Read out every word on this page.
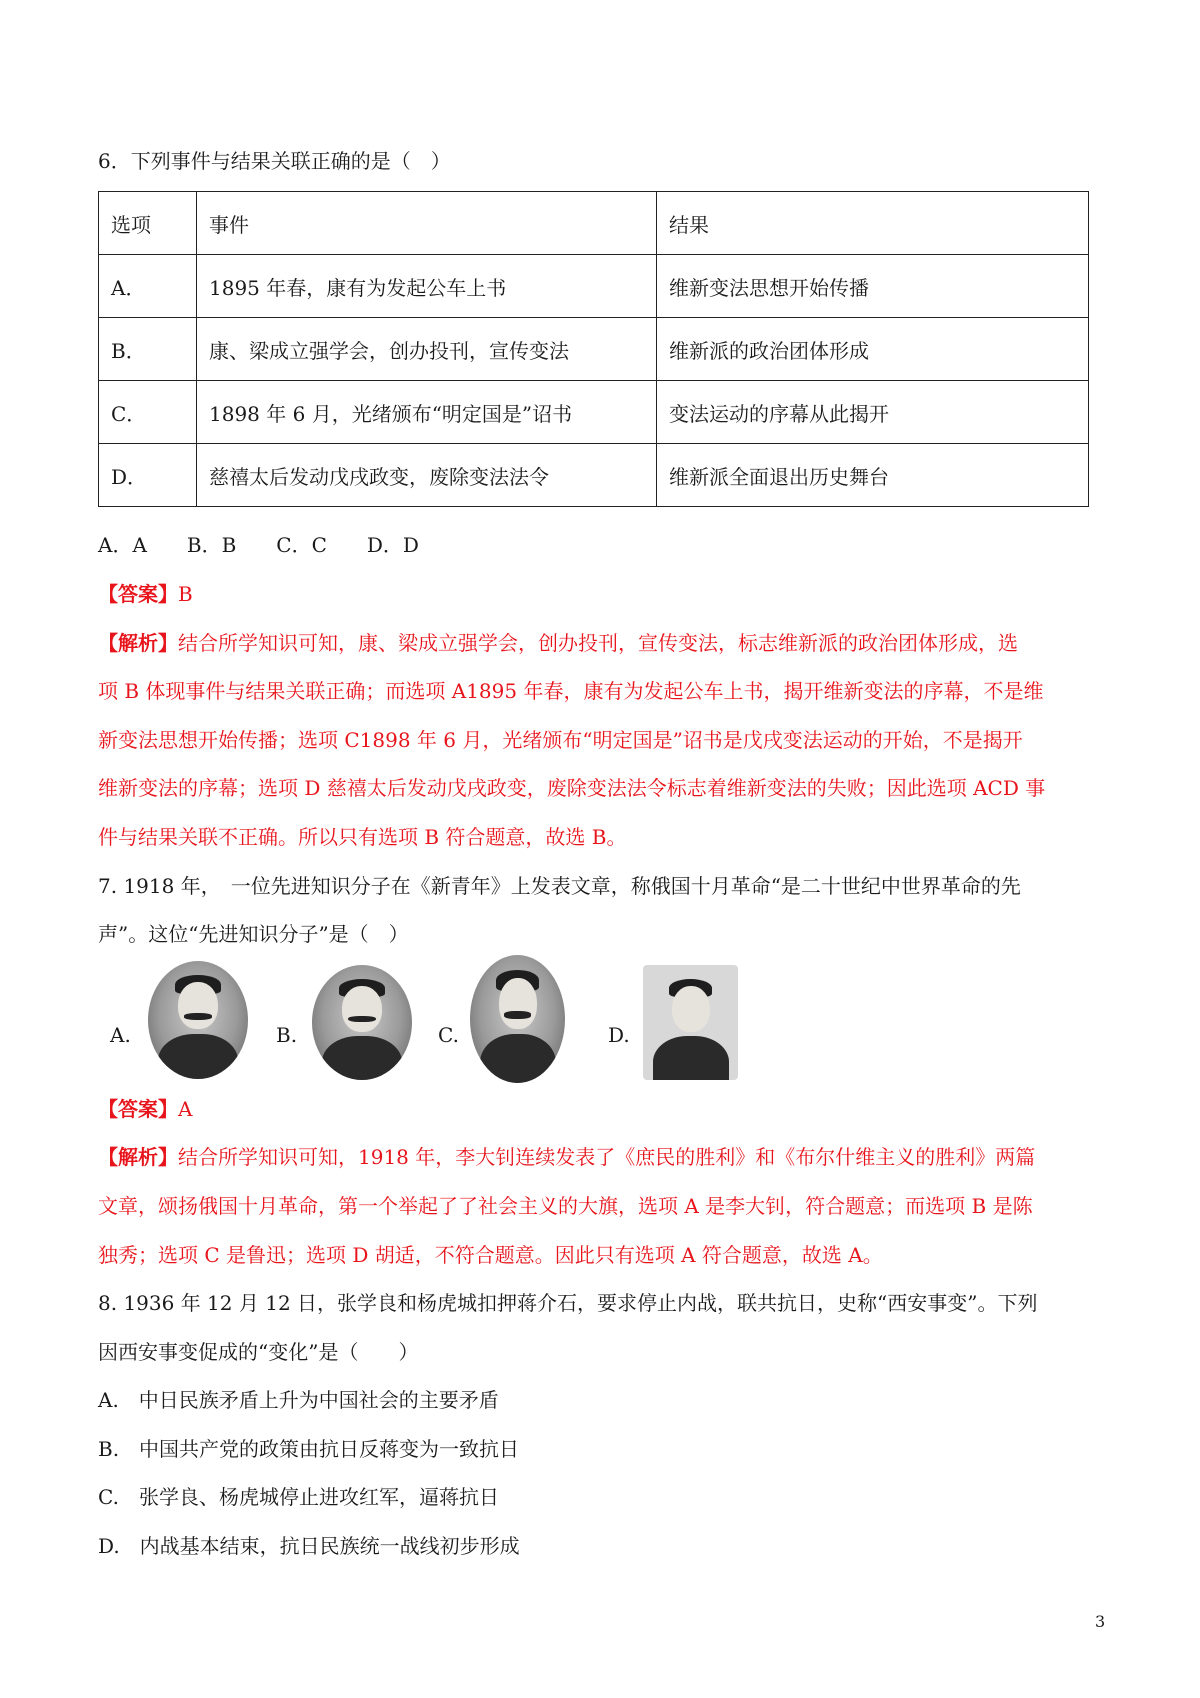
6．下列事件与结果关联正确的是（　）
选项	事件	结果
A．	1895 年春，康有为发起公车上书	维新变法思想开始传播
B．	康、梁成立强学会，创办投刊，宣传变法	维新派的政治团体形成
C．	1898 年 6 月，光绪颁布“明定国是”诏书	变法运动的序幕从此揭开
D．	慈禧太后发动戊戌政变，废除变法法令	维新派全面退出历史舞台
A．A　　B．B　　C．C　　D．D
【答案】B
【解析】结合所学知识可知，康、梁成立强学会，创办投刊，宣传变法，标志维新派的政治团体形成，选
项 B 体现事件与结果关联正确；而选项 A1895 年春，康有为发起公车上书，揭开维新变法的序幕，不是维
新变法思想开始传播；选项 C1898 年 6 月，光绪颁布“明定国是”诏书是戊戌变法运动的开始，不是揭开
维新变法的序幕；选项 D 慈禧太后发动戊戌政变，废除变法法令标志着维新变法的失败；因此选项 ACD 事
件与结果关联不正确。所以只有选项 B 符合题意，故选 B。
7. 1918 年，　一位先进知识分子在《新青年》上发表文章，称俄国十月革命“是二十世纪中世界革命的先
声”。这位“先进知识分子”是（　）
A.	B.	C.	D.
【答案】A
【解析】结合所学知识可知，1918 年，李大钊连续发表了《庶民的胜利》和《布尔什维主义的胜利》两篇
文章，颂扬俄国十月革命，第一个举起了了社会主义的大旗，选项 A 是李大钊，符合题意；而选项 B 是陈
独秀；选项 C 是鲁迅；选项 D 胡适，不符合题意。因此只有选项 A 符合题意，故选 A。
8. 1936 年 12 月 12 日，张学良和杨虎城扣押蒋介石，要求停止内战，联共抗日，史称“西安事变”。下列
因西安事变促成的“变化”是（　　）
A.　中日民族矛盾上升为中国社会的主要矛盾
B.　中国共产党的政策由抗日反蒋变为一致抗日
C.　张学良、杨虎城停止进攻红军，逼蒋抗日
D.　内战基本结束，抗日民族统一战线初步形成
3
